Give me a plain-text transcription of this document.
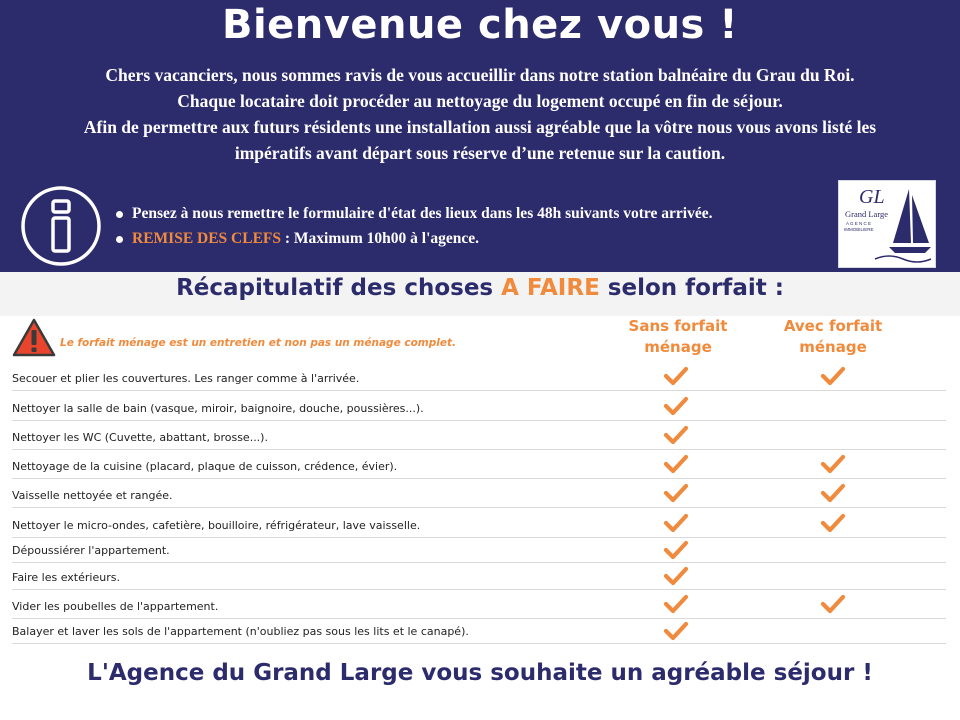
Bienvenue chez vous !
Chers vacanciers, nous sommes ravis de vous accueillir dans notre station balnéaire du Grau du Roi.
Chaque locataire doit procéder au nettoyage du logement occupé en fin de séjour.
Afin de permettre aux futurs résidents une installation aussi agréable que la vôtre nous vous avons listé les
impératifs avant départ sous réserve d’une retenue sur la caution.
Pensez à nous remettre le formulaire d'état des lieux dans les 48h suivants votre arrivée.
REMISE DES CLEFS : Maximum 10h00 à l'agence.
GL
Grand Large
A G E N C E
IMMOBILIERE
Récapitulatif des choses A FAIRE selon forfait :
Le forfait ménage est un entretien et non pas un ménage complet.
Sans forfait
ménage
Avec forfait
ménage
Secouer et plier les couvertures. Les ranger comme à l'arrivée.
Nettoyer la salle de bain (vasque, miroir, baignoire, douche, poussières...).
Nettoyer les WC (Cuvette, abattant, brosse...).
Nettoyage de la cuisine (placard, plaque de cuisson, crédence, évier).
Vaisselle nettoyée et rangée.
Nettoyer le micro-ondes, cafetière, bouilloire, réfrigérateur, lave vaisselle.
Dépoussiérer l'appartement.
Faire les extérieurs.
Vider les poubelles de l'appartement.
Balayer et laver les sols de l'appartement (n'oubliez pas sous les lits et le canapé).
L'Agence du Grand Large vous souhaite un agréable séjour !
